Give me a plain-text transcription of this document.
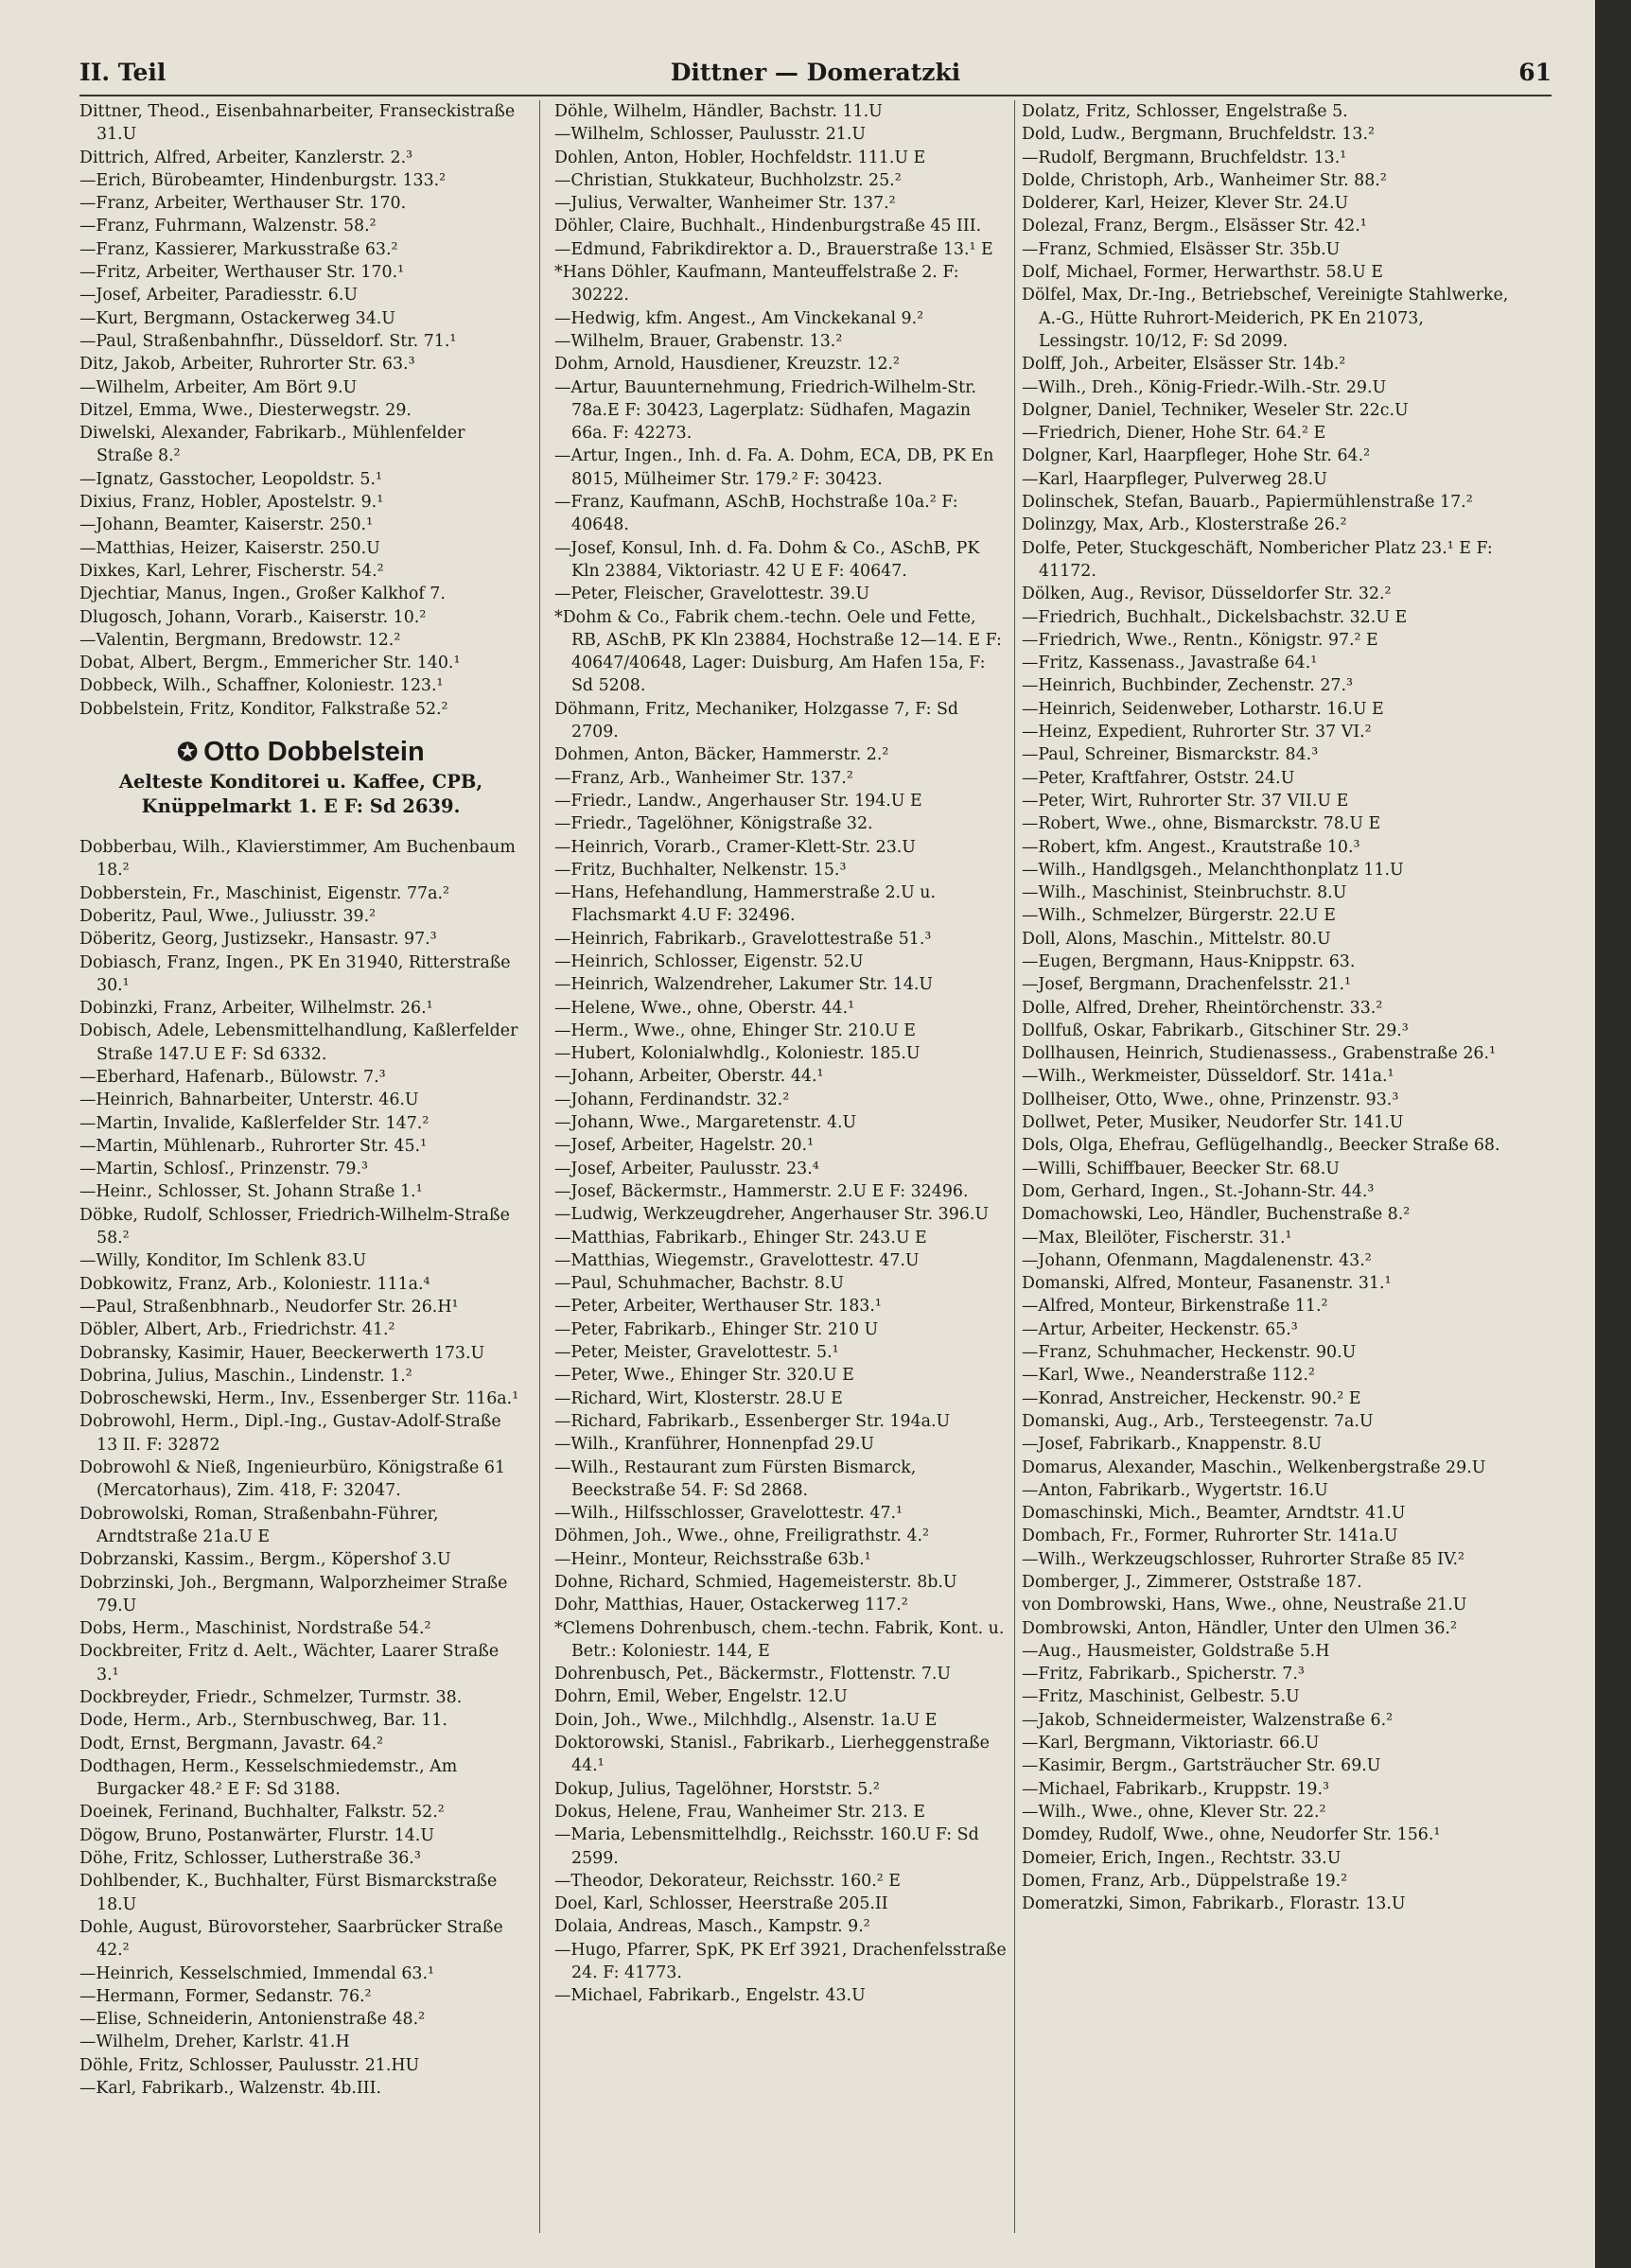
II. Teil	Dittner — Domeratzki	61
Dittner, Theod., Eisenbahnarbeiter, Franseckistraße 31.U
Dittrich, Alfred, Arbeiter, Kanzlerstr. 2.³
—Erich, Bürobeamter, Hindenburgstr. 133.²
—Franz, Arbeiter, Werthauser Str. 170.
—Franz, Fuhrmann, Walzenstr. 58.²
—Franz, Kassierer, Markusstraße 63.²
—Fritz, Arbeiter, Werthauser Str. 170.¹
—Josef, Arbeiter, Paradiesstr. 6.U
—Kurt, Bergmann, Ostackerweg 34.U
—Paul, Straßenbahnfhr., Düsseldorf. Str. 71.¹
Ditz, Jakob, Arbeiter, Ruhrorter Str. 63.³
—Wilhelm, Arbeiter, Am Bört 9.U
Ditzel, Emma, Wwe., Diesterwegstr. 29.
Diwelski, Alexander, Fabrikarb., Mühlenfelder Straße 8.²
—Ignatz, Gasstocher, Leopoldstr. 5.¹
Dixius, Franz, Hobler, Apostelstr. 9.¹
—Johann, Beamter, Kaiserstr. 250.¹
—Matthias, Heizer, Kaiserstr. 250.U
Dixkes, Karl, Lehrer, Fischerstr. 54.²
Djechtiar, Manus, Ingen., Großer Kalkhof 7.
Dlugosch, Johann, Vorarb., Kaiserstr. 10.²
—Valentin, Bergmann, Bredowstr. 12.²
Dobat, Albert, Bergm., Emmericher Str. 140.¹
Dobbeck, Wilh., Schaffner, Koloniestr. 123.¹
Dobbelstein, Fritz, Konditor, Falkstraße 52.²
✪ Otto Dobbelstein
Aelteste Konditorei u. Kaffee, CPB,
Knüppelmarkt 1. E F: Sd 2639.
Dobberbau, Wilh., Klavierstimmer, Am Buchenbaum 18.²
Dobberstein, Fr., Maschinist, Eigenstr. 77a.²
Doberitz, Paul, Wwe., Juliusstr. 39.²
Döberitz, Georg, Justizsekr., Hansastr. 97.³
Dobiasch, Franz, Ingen., PK En 31940, Ritterstraße 30.¹
Dobinzki, Franz, Arbeiter, Wilhelmstr. 26.¹
Dobisch, Adele, Lebensmittelhandlung, Kaßlerfelder Straße 147.U E F: Sd 6332.
—Eberhard, Hafenarb., Bülowstr. 7.³
—Heinrich, Bahnarbeiter, Unterstr. 46.U
—Martin, Invalide, Kaßlerfelder Str. 147.²
—Martin, Mühlenarb., Ruhrorter Str. 45.¹
—Martin, Schlosſ., Prinzenstr. 79.³
—Heinr., Schlosser, St. Johann Straße 1.¹
Döbke, Rudolf, Schlosser, Friedrich-Wilhelm-Straße 58.²
—Willy, Konditor, Im Schlenk 83.U
Dobkowitz, Franz, Arb., Koloniestr. 111a.⁴
—Paul, Straßenbhnarb., Neudorfer Str. 26.H¹
Döbler, Albert, Arb., Friedrichstr. 41.²
Dobransky, Kasimir, Hauer, Beeckerwerth 173.U
Dobrina, Julius, Maschin., Lindenstr. 1.²
Dobroschewski, Herm., Inv., Essenberger Str. 116a.¹
Dobrowohl, Herm., Dipl.-Ing., Gustav-Adolf-Straße 13 II. F: 32872
Dobrowohl & Nieß, Ingenieurbüro, Königstraße 61 (Mercatorhaus), Zim. 418, F: 32047.
Dobrowolski, Roman, Straßenbahn-Führer, Arndtstraße 21a.U E
Dobrzanski, Kassim., Bergm., Köpershof 3.U
Dobrzinski, Joh., Bergmann, Walporzheimer Straße 79.U
Dobs, Herm., Maschinist, Nordstraße 54.²
Dockbreiter, Fritz d. Aelt., Wächter, Laarer Straße 3.¹
Dockbreyder, Friedr., Schmelzer, Turmstr. 38.
Dode, Herm., Arb., Sternbuschweg, Bar. 11.
Dodt, Ernst, Bergmann, Javastr. 64.²
Dodthagen, Herm., Kesselschmiedemstr., Am Burgacker 48.² E F: Sd 3188.
Doeinek, Ferinand, Buchhalter, Falkstr. 52.²
Dögow, Bruno, Postanwärter, Flurstr. 14.U
Döhe, Fritz, Schlosser, Lutherstraße 36.³
Dohlbender, K., Buchhalter, Fürst Bismarckstraße 18.U
Dohle, August, Bürovorsteher, Saarbrücker Straße 42.²
—Heinrich, Kesselschmied, Immendal 63.¹
—Hermann, Former, Sedanstr. 76.²
—Elise, Schneiderin, Antonienstraße 48.²
—Wilhelm, Dreher, Karlstr. 41.H
Döhle, Fritz, Schlosser, Paulusstr. 21.HU
—Karl, Fabrikarb., Walzenstr. 4b.III.
Döhle, Wilhelm, Händler, Bachstr. 11.U
—Wilhelm, Schlosser, Paulusstr. 21.U
Dohlen, Anton, Hobler, Hochfeldstr. 111.U E
—Christian, Stukkateur, Buchholzstr. 25.²
—Julius, Verwalter, Wanheimer Str. 137.²
Döhler, Claire, Buchhalt., Hindenburgstraße 45 III.
—Edmund, Fabrikdirektor a. D., Brauerstraße 13.¹ E
*Hans Döhler, Kaufmann, Manteuffelstraße 2. F: 30222.
—Hedwig, kfm. Angest., Am Vinckekanal 9.²
—Wilhelm, Brauer, Grabenstr. 13.²
Dohm, Arnold, Hausdiener, Kreuzstr. 12.²
—Artur, Bauunternehmung, Friedrich-Wilhelm-Str. 78a.E F: 30423, Lagerplatz: Südhafen, Magazin 66a. F: 42273.
—Artur, Ingen., Inh. d. Fa. A. Dohm, ECA, DB, PK En 8015, Mülheimer Str. 179.² F: 30423.
—Franz, Kaufmann, ASchB, Hochstraße 10a.² F: 40648.
—Josef, Konsul, Inh. d. Fa. Dohm & Co., ASchB, PK Kln 23884, Viktoriastr. 42 U E F: 40647.
—Peter, Fleischer, Gravelottestr. 39.U
*Dohm & Co., Fabrik chem.-techn. Oele und Fette, RB, ASchB, PK Kln 23884, Hochstraße 12—14. E F: 40647/40648, Lager: Duisburg, Am Hafen 15a, F: Sd 5208.
Döhmann, Fritz, Mechaniker, Holzgasse 7, F: Sd 2709.
Dohmen, Anton, Bäcker, Hammerstr. 2.²
—Franz, Arb., Wanheimer Str. 137.²
—Friedr., Landw., Angerhauser Str. 194.U E
—Friedr., Tagelöhner, Königstraße 32.
—Heinrich, Vorarb., Cramer-Klett-Str. 23.U
—Fritz, Buchhalter, Nelkenstr. 15.³
—Hans, Hefehandlung, Hammerstraße 2.U u. Flachsmarkt 4.U F: 32496.
—Heinrich, Fabrikarb., Gravelottestraße 51.³
—Heinrich, Schlosser, Eigenstr. 52.U
—Heinrich, Walzendreher, Lakumer Str. 14.U
—Helene, Wwe., ohne, Oberstr. 44.¹
—Herm., Wwe., ohne, Ehinger Str. 210.U E
—Hubert, Kolonialwhdlg., Koloniestr. 185.U
—Johann, Arbeiter, Oberstr. 44.¹
—Johann, Ferdinandstr. 32.²
—Johann, Wwe., Margaretenstr. 4.U
—Josef, Arbeiter, Hagelstr. 20.¹
—Josef, Arbeiter, Paulusstr. 23.⁴
—Josef, Bäckermstr., Hammerstr. 2.U E F: 32496.
—Ludwig, Werkzeugdreher, Angerhauser Str. 396.U
—Matthias, Fabrikarb., Ehinger Str. 243.U E
—Matthias, Wiegemstr., Gravelottestr. 47.U
—Paul, Schuhmacher, Bachstr. 8.U
—Peter, Arbeiter, Werthauser Str. 183.¹
—Peter, Fabrikarb., Ehinger Str. 210 U
—Peter, Meister, Gravelottestr. 5.¹
—Peter, Wwe., Ehinger Str. 320.U E
—Richard, Wirt, Klosterstr. 28.U E
—Richard, Fabrikarb., Essenberger Str. 194a.U
—Wilh., Kranführer, Honnenpfad 29.U
—Wilh., Restaurant zum Fürsten Bismarck, Beeckstraße 54. F: Sd 2868.
—Wilh., Hilfsschlosser, Gravelottestr. 47.¹
Döhmen, Joh., Wwe., ohne, Freiligrathstr. 4.²
—Heinr., Monteur, Reichsstraße 63b.¹
Dohne, Richard, Schmied, Hagemeisterstr. 8b.U
Dohr, Matthias, Hauer, Ostackerweg 117.²
*Clemens Dohrenbusch, chem.-techn. Fabrik, Kont. u. Betr.: Koloniestr. 144, E
Dohrenbusch, Pet., Bäckermstr., Flottenstr. 7.U
Dohrn, Emil, Weber, Engelstr. 12.U
Doin, Joh., Wwe., Milchhdlg., Alsenstr. 1a.U E
Doktorowski, Stanisl., Fabrikarb., Lierheggenstraße 44.¹
Dokup, Julius, Tagelöhner, Horststr. 5.²
Dokus, Helene, Frau, Wanheimer Str. 213. E
—Maria, Lebensmittelhdlg., Reichsstr. 160.U F: Sd 2599.
—Theodor, Dekorateur, Reichsstr. 160.² E
Doel, Karl, Schlosser, Heerstraße 205.II
Dolaia, Andreas, Masch., Kampstr. 9.²
—Hugo, Pfarrer, SpK, PK Erf 3921, Drachenfelsstraße 24. F: 41773.
—Michael, Fabrikarb., Engelstr. 43.U
Dolatz, Fritz, Schlosser, Engelstraße 5.
Dold, Ludw., Bergmann, Bruchfeldstr. 13.²
—Rudolf, Bergmann, Bruchfeldstr. 13.¹
Dolde, Christoph, Arb., Wanheimer Str. 88.²
Dolderer, Karl, Heizer, Klever Str. 24.U
Dolezal, Franz, Bergm., Elsässer Str. 42.¹
—Franz, Schmied, Elsässer Str. 35b.U
Dolf, Michael, Former, Herwarthstr. 58.U E
Dölfel, Max, Dr.-Ing., Betriebschef, Vereinigte Stahlwerke, A.-G., Hütte Ruhrort-Meiderich, PK En 21073, Lessingstr. 10/12, F: Sd 2099.
Dolff, Joh., Arbeiter, Elsässer Str. 14b.²
—Wilh., Dreh., König-Friedr.-Wilh.-Str. 29.U
Dolgner, Daniel, Techniker, Weseler Str. 22c.U
—Friedrich, Diener, Hohe Str. 64.² E
Dolgner, Karl, Haarpfleger, Hohe Str. 64.²
—Karl, Haarpfleger, Pulverweg 28.U
Dolinschek, Stefan, Bauarb., Papiermühlenstraße 17.²
Dolinzgy, Max, Arb., Klosterstraße 26.²
Dolfe, Peter, Stuckgeschäft, Nombericher Platz 23.¹ E F: 41172.
Dölken, Aug., Revisor, Düsseldorfer Str. 32.²
—Friedrich, Buchhalt., Dickelsbachstr. 32.U E
—Friedrich, Wwe., Rentn., Königstr. 97.² E
—Fritz, Kassenass., Javastraße 64.¹
—Heinrich, Buchbinder, Zechenstr. 27.³
—Heinrich, Seidenweber, Lotharstr. 16.U E
—Heinz, Expedient, Ruhrorter Str. 37 VI.²
—Paul, Schreiner, Bismarckstr. 84.³
—Peter, Kraftfahrer, Oststr. 24.U
—Peter, Wirt, Ruhrorter Str. 37 VII.U E
—Robert, Wwe., ohne, Bismarckstr. 78.U E
—Robert, kfm. Angest., Krautstraße 10.³
—Wilh., Handlgsgeh., Melanchthonplatz 11.U
—Wilh., Maschinist, Steinbruchstr. 8.U
—Wilh., Schmelzer, Bürgerstr. 22.U E
Doll, Alons, Maschin., Mittelstr. 80.U
—Eugen, Bergmann, Haus-Knippstr. 63.
—Josef, Bergmann, Drachenfelsstr. 21.¹
Dolle, Alfred, Dreher, Rheintörchenstr. 33.²
Dollfuß, Oskar, Fabrikarb., Gitschiner Str. 29.³
Dollhausen, Heinrich, Studienassess., Grabenstraße 26.¹
—Wilh., Werkmeister, Düsseldorf. Str. 141a.¹
Dollheiser, Otto, Wwe., ohne, Prinzenstr. 93.³
Dollwet, Peter, Musiker, Neudorfer Str. 141.U
Dols, Olga, Ehefrau, Geflügelhandlg., Beecker Straße 68.
—Willi, Schiffbauer, Beecker Str. 68.U
Dom, Gerhard, Ingen., St.-Johann-Str. 44.³
Domachowski, Leo, Händler, Buchenstraße 8.²
—Max, Bleilöter, Fischerstr. 31.¹
—Johann, Ofenmann, Magdalenenstr. 43.²
Domanski, Alfred, Monteur, Fasanenstr. 31.¹
—Alfred, Monteur, Birkenstraße 11.²
—Artur, Arbeiter, Heckenstr. 65.³
—Franz, Schuhmacher, Heckenstr. 90.U
—Karl, Wwe., Neanderstraße 112.²
—Konrad, Anstreicher, Heckenstr. 90.² E
Domanski, Aug., Arb., Tersteegenstr. 7a.U
—Josef, Fabrikarb., Knappenstr. 8.U
Domarus, Alexander, Maschin., Welkenbergstraße 29.U
—Anton, Fabrikarb., Wygertstr. 16.U
Domaschinski, Mich., Beamter, Arndtstr. 41.U
Dombach, Fr., Former, Ruhrorter Str. 141a.U
—Wilh., Werkzeugschlosser, Ruhrorter Straße 85 IV.²
Domberger, J., Zimmerer, Oststraße 187.
von Dombrowski, Hans, Wwe., ohne, Neustraße 21.U
Dombrowski, Anton, Händler, Unter den Ulmen 36.²
—Aug., Hausmeister, Goldstraße 5.H
—Fritz, Fabrikarb., Spicherstr. 7.³
—Fritz, Maschinist, Gelbestr. 5.U
—Jakob, Schneidermeister, Walzenstraße 6.²
—Karl, Bergmann, Viktoriastr. 66.U
—Kasimir, Bergm., Gartsträucher Str. 69.U
—Michael, Fabrikarb., Kruppstr. 19.³
—Wilh., Wwe., ohne, Klever Str. 22.²
Domdey, Rudolf, Wwe., ohne, Neudorfer Str. 156.¹
Domeier, Erich, Ingen., Rechtstr. 33.U
Domen, Franz, Arb., Düppelstraße 19.²
Domeratzki, Simon, Fabrikarb., Florastr. 13.U
